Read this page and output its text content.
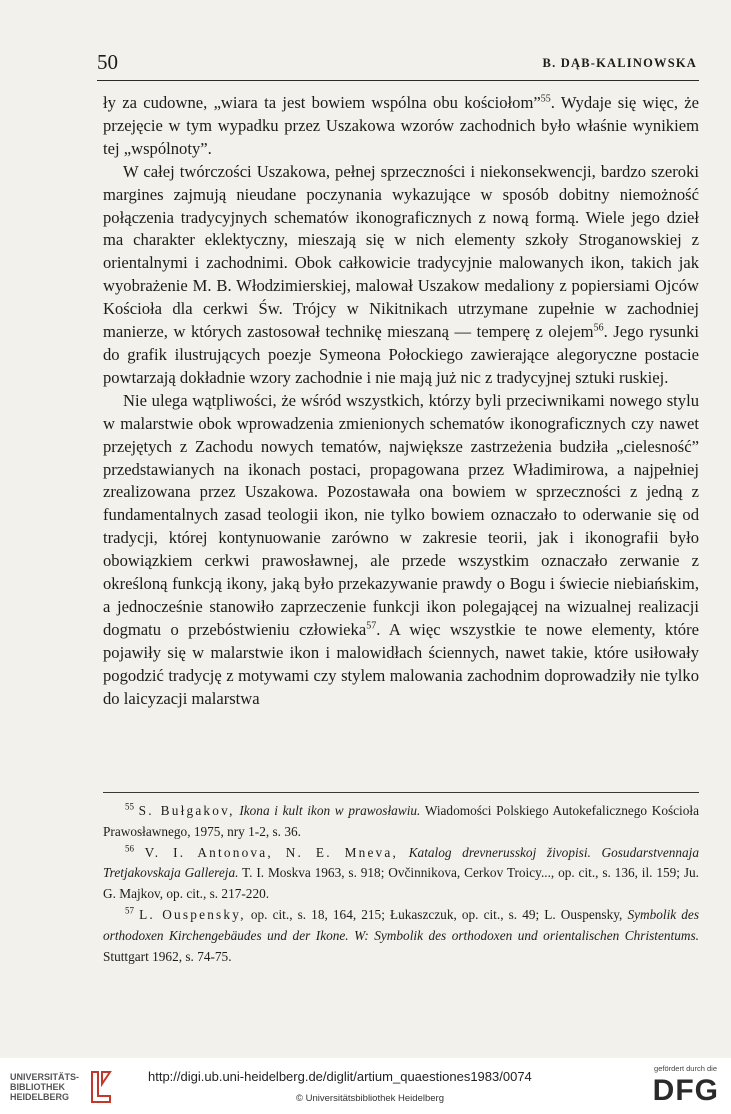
50	B. DĄB-KALINOWSKA

ły za cudowne, „wiara ta jest bowiem wspólna obu kościołom”$^{55}$. Wydaje się więc, że przejęcie w tym wypadku przez Uszakowa wzorów zachodnich było właśnie wynikiem tej „wspólnoty”.

W całej twórczości Uszakowa, pełnej sprzeczności i niekonsekwencji, bardzo szeroki margines zajmują nieudane poczynania wykazujące w sposób dobitny niemożność połączenia tradycyjnych schematów ikonograficznych z nową formą. Wiele jego dzieł ma charakter eklektyczny, mieszają się w nich elementy szkoły Stroganowskiej z orientalnymi i zachodnimi. Obok całkowicie tradycyjnie malowanych ikon, takich jak wyobrażenie M. B. Włodzimierskiej, malował Uszakow medaliony z popiersiami Ojców Kościoła dla cerkwi Św. Trójcy w Nikitnikach utrzymane zupełnie w zachodniej manierze, w których zastosował technikę mieszaną — temperę z olejem$^{56}$. Jego rysunki do grafik ilustrujących poezje Symeona Połockiego zawierające alegoryczne postacie powtarzają dokładnie wzory zachodnie i nie mają już nic z tradycyjnej sztuki ruskiej.

Nie ulega wątpliwości, że wśród wszystkich, którzy byli przeciwnikami nowego stylu w malarstwie obok wprowadzenia zmienionych schematów ikonograficznych czy nawet przejętych z Zachodu nowych tematów, największe zastrzeżenia budziła „cielesność” przedstawianych na ikonach postaci, propagowana przez Władimirowa, a najpełniej zrealizowana przez Uszakowa. Pozostawała ona bowiem w sprzeczności z jedną z fundamentalnych zasad teologii ikon, nie tylko bowiem oznaczało to oderwanie się od tradycji, której kontynuowanie zarówno w zakresie teorii, jak i ikonografii było obowiązkiem cerkwi prawosławnej, ale przede wszystkim oznaczało zerwanie z określoną funkcją ikony, jaką było przekazywanie prawdy o Bogu i świecie niebiańskim, a jednocześnie stanowiło zaprzeczenie funkcji ikon polegającej na wizualnej realizacji dogmatu o przebóstwieniu człowieka$^{57}$. A więc wszystkie te nowe elementy, które pojawiły się w malarstwie ikon i malowidłach ściennych, nawet takie, które usiłowały pogodzić tradycję z motywami czy stylem malowania zachodnim doprowadziły nie tylko do laicyzacji malarstwa

$^{55}$ S. Bułgakov, Ikona i kult ikon w prawosławiu. Wiadomości Polskiego Autokefalicznego Kościoła Prawosławnego, 1975, nry 1-2, s. 36.

$^{56}$ V. I. Antonova, N. E. Mneva, Katalog drevnerusskoj živopisi. Gosudarstvennaja Tretjakovskaja Gallereja. T. I. Moskva 1963, s. 918; Ovčinnikova, Cerkov Troicy..., op. cit., s. 136, il. 159; Ju. G. Majkov, op. cit., s. 217-220.

$^{57}$ L. Ouspensky, op. cit., s. 18, 164, 215; Łukaszczuk, op. cit., s. 49; L. Ouspensky, Symbolik des orthodoxen Kirchengebäudes und der Ikone. W: Symbolik des orthodoxen und orientalischen Christentums. Stuttgart 1962, s. 74-75.

UNIVERSITÄTS-
BIBLIOTHEK
HEIDELBERG
http://digi.ub.uni-heidelberg.de/diglit/artium_quaestiones1983/0074
© Universitätsbibliothek Heidelberg
gefördert durch die
DFG
